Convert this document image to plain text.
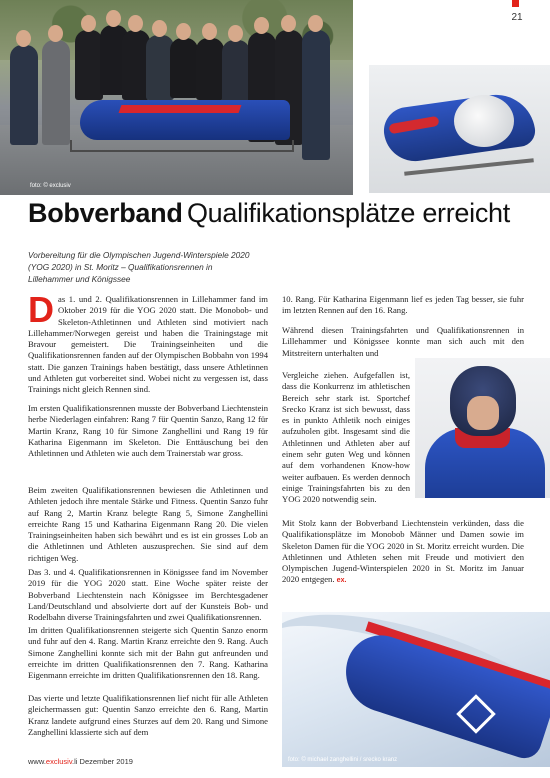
21
foto: © exclusiv
Bobverband Qualifikationsplätze erreicht
Vorbereitung für die Olympischen Jugend-Winterspiele 2020 (YOG 2020) in St. Moritz – Qualifikationsrennen in Lillehammer und Königssee

Das 1. und 2. Qualifikationsrennen in Lillehammer fand im Oktober 2019 für die YOG 2020 statt. Die Monobob- und Skeleton-Athletinnen und Athleten sind motiviert nach Lillehammer/Norwegen gereist und haben die Trainingstage mit Bravour gemeistert. Die Trainingseinheiten und die Qualifikationsrennen fanden auf der Olympischen Bobbahn von 1994 statt. Die ganzen Trainings haben bestätigt, dass unsere Athletinnen und Athleten gut vorbereitet sind. Wobei nicht zu vergessen ist, dass Trainings nicht gleich Rennen sind.

Im ersten Qualifikationsrennen musste der Bobverband Liechtenstein herbe Niederlagen einfahren: Rang 7 für Quentin Sanzo, Rang 12 für Martin Kranz, Rang 10 für Simone Zanghellini und Rang 19 für Katharina Eigenmann im Skeleton. Die Enttäuschung bei den Athletinnen und Athleten wie auch dem Trainerstab war gross.
Beim zweiten Qualifikationsrennen bewiesen die Athletinnen und Athleten jedoch ihre mentale Stärke und Fitness. Quentin Sanzo fuhr auf Rang 2, Martin Kranz belegte Rang 5, Simone Zanghellini erreichte Rang 15 und Katharina Eigenmann Rang 20. Die vielen Trainingseinheiten haben sich bewährt und es ist ein grosses Lob an die Athletinnen und Athleten auszusprechen. Sie sind auf dem richtigen Weg.
Das 3. und 4. Qualifikationsrennen in Königssee fand im November 2019 für die YOG 2020 statt. Eine Woche später reiste der Bobverband Liechtenstein nach Königssee im Berchtesgadener Land/Deutschland und absolvierte dort auf der Kunsteis Bob- und Rodelbahn diverse Trainingsfahrten und zwei Qualifikationsrennen.
Im dritten Qualifikationsrennen steigerte sich Quentin Sanzo enorm und fuhr auf den 4. Rang. Martin Kranz erreichte den 9. Rang. Auch Simone Zanghellini konnte sich mit der Bahn gut anfreunden und erreichte im dritten Qualifikationsrennen den 7. Rang. Katharina Eigenmann erreichte im dritten Qualifikationsrennen den 18. Rang.
Das vierte und letzte Qualifikationsrennen lief nicht für alle Athleten gleichermassen gut: Quentin Sanzo erreichte den 6. Rang, Martin Kranz landete aufgrund eines Sturzes auf dem 20. Rang und Simone Zanghellini klassierte sich auf dem
10. Rang. Für Katharina Eigenmann lief es jeden Tag besser, sie fuhr im letzten Rennen auf den 16. Rang.
Während diesen Trainingsfahrten und Qualifikationsrennen in Lillehammer und Königssee konnte man sich auch mit den Mitstreitern unterhalten und
Vergleiche ziehen. Aufgefallen ist, dass die Konkurrenz im athletischen Bereich sehr stark ist. Sportchef Srecko Kranz ist sich bewusst, dass es in punkto Athletik noch einiges aufzuholen gibt. Insgesamt sind die Athletinnen und Athleten aber auf einem sehr guten Weg und können auf dem vorhandenen Know-how weiter aufbauen. Es werden dennoch einige Trainingsfahrten bis zu den YOG 2020 notwendig sein.
Mit Stolz kann der Bobverband Liechtenstein verkünden, dass die Qualifikationsplätze im Monobob Männer und Damen sowie im Skeleton Damen für die YOG 2020 in St. Moritz erreicht wurden. Die Athletinnen und Athleten sehen mit Freude und motiviert den Olympischen Jugend-Winterspielen 2020 in St. Moritz im Januar 2020 entgegen. ex.
foto: © michael zanghellini / srecko kranz
www.exclusiv.li Dezember 2019
